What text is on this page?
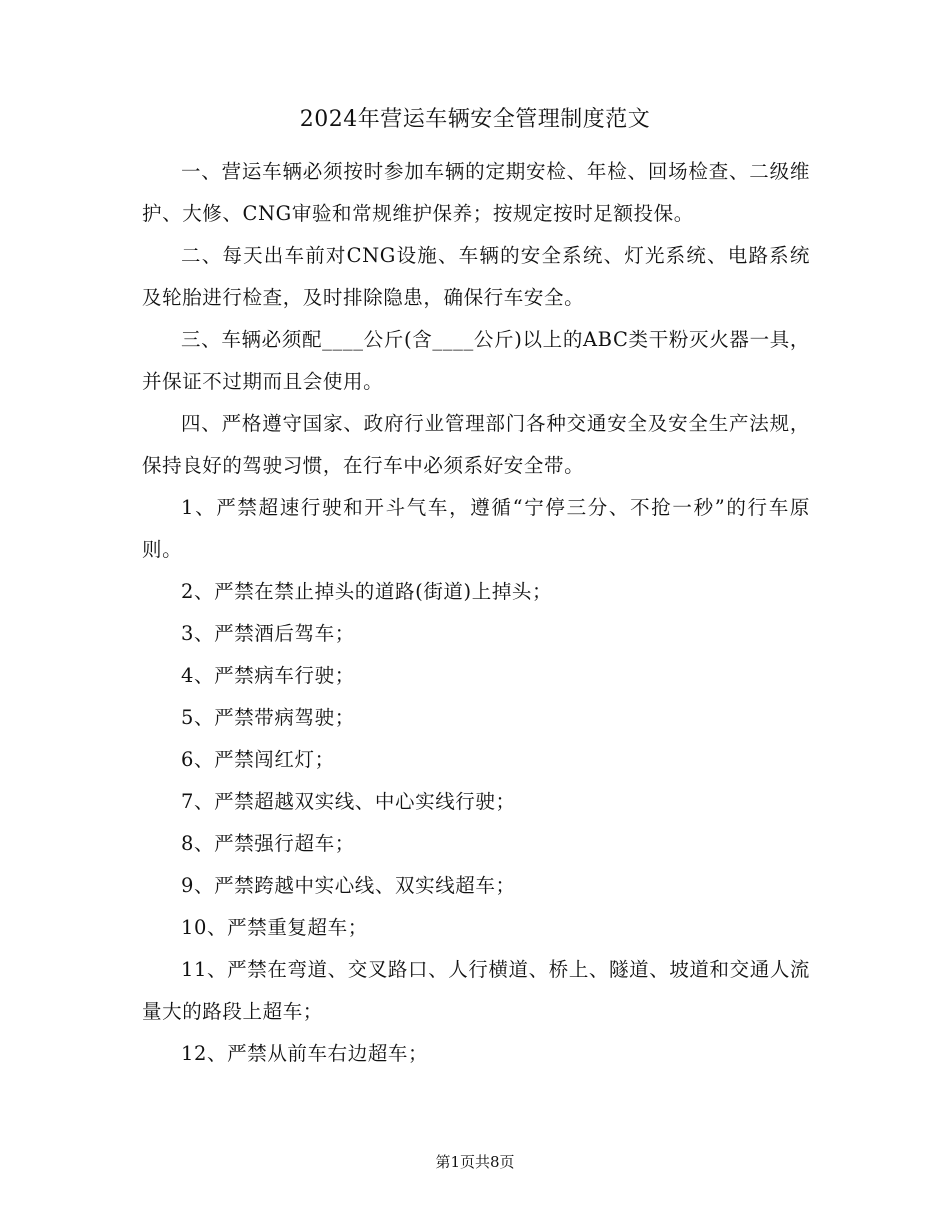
2024年营运车辆安全管理制度范文

一、营运车辆必须按时参加车辆的定期安检、年检、回场检查、二级维护、大修、CNG审验和常规维护保养；按规定按时足额投保。

二、每天出车前对CNG设施、车辆的安全系统、灯光系统、电路系统及轮胎进行检查，及时排除隐患，确保行车安全。

三、车辆必须配____公斤(含____公斤)以上的ABC类干粉灭火器一具，并保证不过期而且会使用。

四、严格遵守国家、政府行业管理部门各种交通安全及安全生产法规，保持良好的驾驶习惯，在行车中必须系好安全带。

1、严禁超速行驶和开斗气车，遵循“宁停三分、不抢一秒”的行车原则。

2、严禁在禁止掉头的道路(街道)上掉头；

3、严禁酒后驾车；

4、严禁病车行驶；

5、严禁带病驾驶；

6、严禁闯红灯；

7、严禁超越双实线、中心实线行驶；

8、严禁强行超车；

9、严禁跨越中实心线、双实线超车；

10、严禁重复超车；

11、严禁在弯道、交叉路口、人行横道、桥上、隧道、坡道和交通人流量大的路段上超车；

12、严禁从前车右边超车；

第1页共8页
